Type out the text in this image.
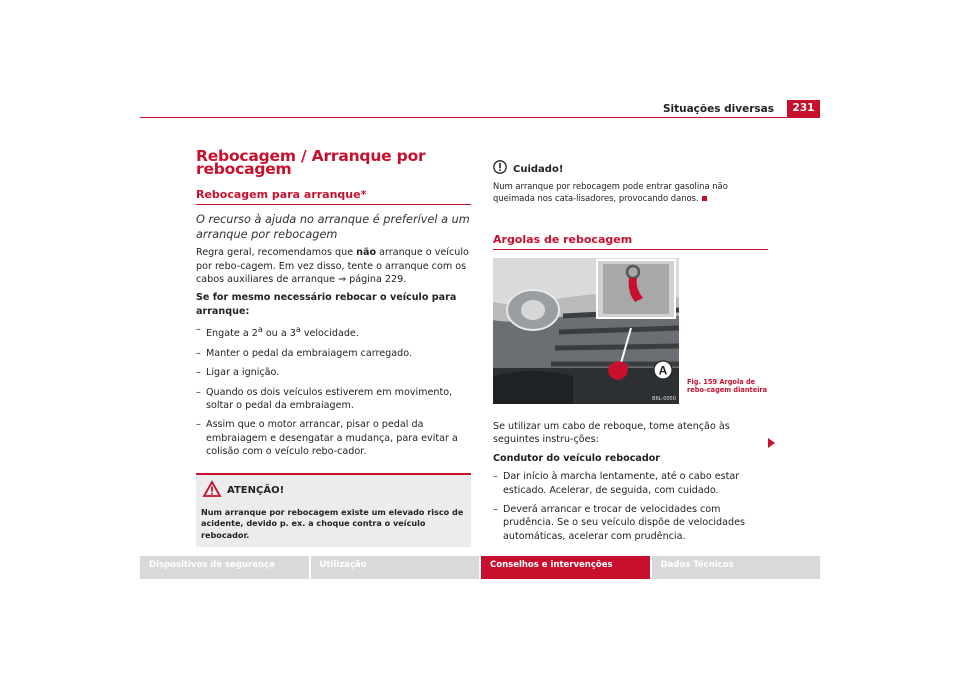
Situações diversas	231
Rebocagem / Arranque por rebocagem
Rebocagem para arranque*
O recurso à ajuda no arranque é preferível a um arranque por rebocagem

Regra geral, recomendamos que não arranque o veículo por rebo-cagem. Em vez disso, tente o arranque com os cabos auxiliares de arranque ⇒ página 229.

Se for mesmo necessário rebocar o veículo para arranque:

– Engate a 2$^a$ ou a 3$^a$ velocidade.
– Manter o pedal da embraiagem carregado.
– Ligar a ignição.
– Quando os dois veículos estiverem em movimento, soltar o pedal da embraiagem.
– Assim que o motor arrancar, pisar o pedal da embraiagem e desengatar a mudança, para evitar a colisão com o veículo rebo-cador.
ATENÇÃO!
Num arranque por rebocagem existe um elevado risco de acidente, devido p. ex. a choque contra o veículo rebocador.
Cuidado!
Num arranque por rebocagem pode entrar gasolina não queimada nos cata-lisadores, provocando danos.
Argolas de rebocagem
A
B6L-0050
Fig. 159 Argola de rebo-cagem dianteira

Se utilizar um cabo de reboque, tome atenção às seguintes instru-ções:

Condutor do veículo rebocador

– Dar início à marcha lentamente, até o cabo estar esticado. Acelerar, de seguida, com cuidado.
– Deverá arrancar e trocar de velocidades com prudência. Se o seu veículo dispõe de velocidades automáticas, acelerar com prudência.
Dispositivos de segurança	Utilização	Conselhos e intervenções	Dados Técnicos
